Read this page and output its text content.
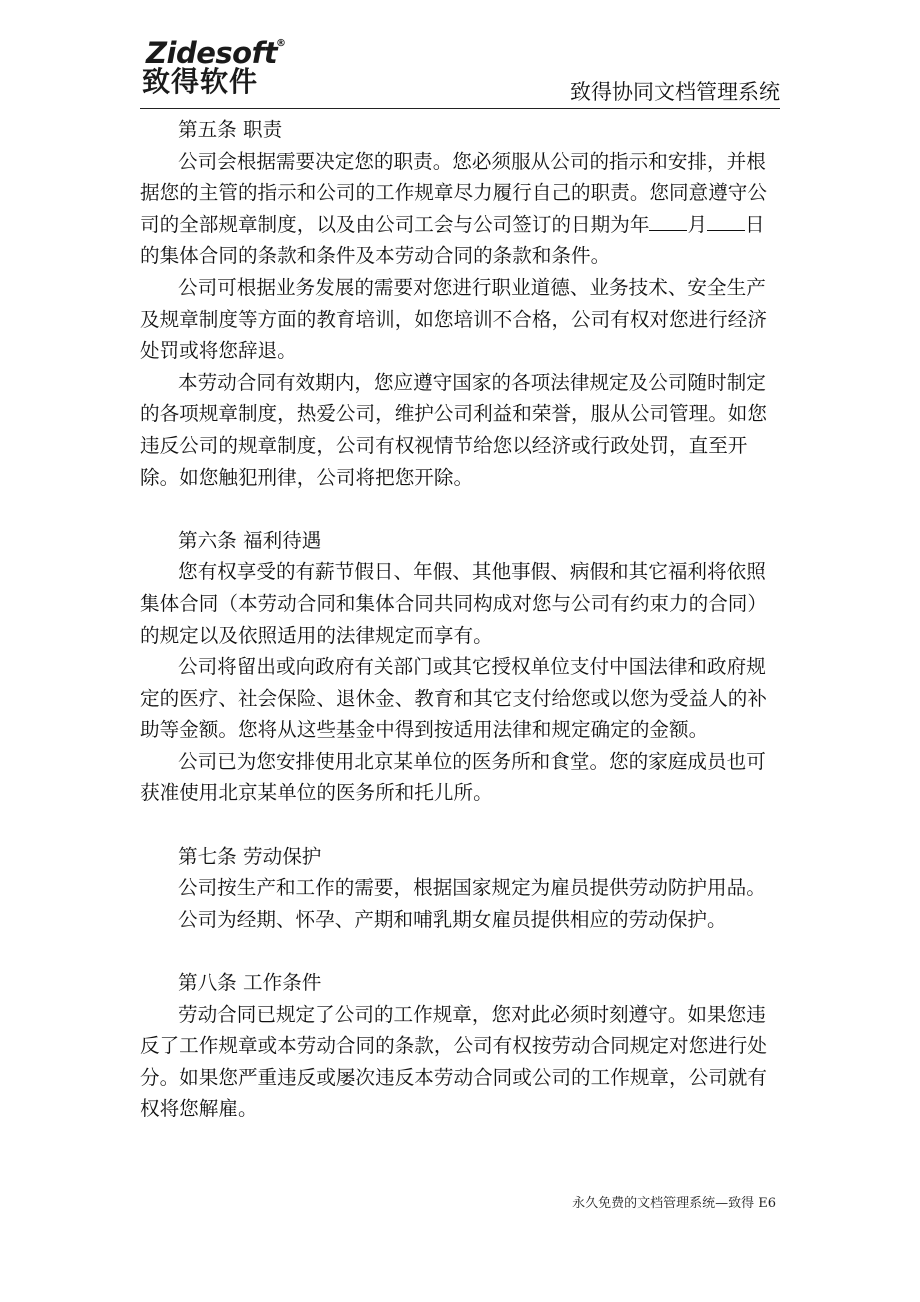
Zidesoft
®
致得软件	致得协同文档管理系统

第五条 职责

公司会根据需要决定您的职责。您必须服从公司的指示和安排，并根据您的主管的指示和公司的工作规章尽力履行自己的职责。您同意遵守公司的全部规章制度，以及由公司工会与公司签订的日期为年 月 日的集体合同的条款和条件及本劳动合同的条款和条件。

公司可根据业务发展的需要对您进行职业道德、业务技术、安全生产及规章制度等方面的教育培训，如您培训不合格，公司有权对您进行经济处罚或将您辞退。

本劳动合同有效期内，您应遵守国家的各项法律规定及公司随时制定的各项规章制度，热爱公司，维护公司利益和荣誉，服从公司管理。如您违反公司的规章制度，公司有权视情节给您以经济或行政处罚，直至开除。如您触犯刑律，公司将把您开除。

第六条 福利待遇

您有权享受的有薪节假日、年假、其他事假、病假和其它福利将依照集体合同（本劳动合同和集体合同共同构成对您与公司有约束力的合同）的规定以及依照适用的法律规定而享有。

公司将留出或向政府有关部门或其它授权单位支付中国法律和政府规定的医疗、社会保险、退休金、教育和其它支付给您或以您为受益人的补助等金额。您将从这些基金中得到按适用法律和规定确定的金额。

公司已为您安排使用北京某单位的医务所和食堂。您的家庭成员也可获准使用北京某单位的医务所和托儿所。

第七条 劳动保护

公司按生产和工作的需要，根据国家规定为雇员提供劳动防护用品。

公司为经期、怀孕、产期和哺乳期女雇员提供相应的劳动保护。

第八条 工作条件

劳动合同已规定了公司的工作规章，您对此必须时刻遵守。如果您违反了工作规章或本劳动合同的条款，公司有权按劳动合同规定对您进行处分。如果您严重违反或屡次违反本劳动合同或公司的工作规章，公司就有权将您解雇。

永久免费的文档管理系统—致得 E6
